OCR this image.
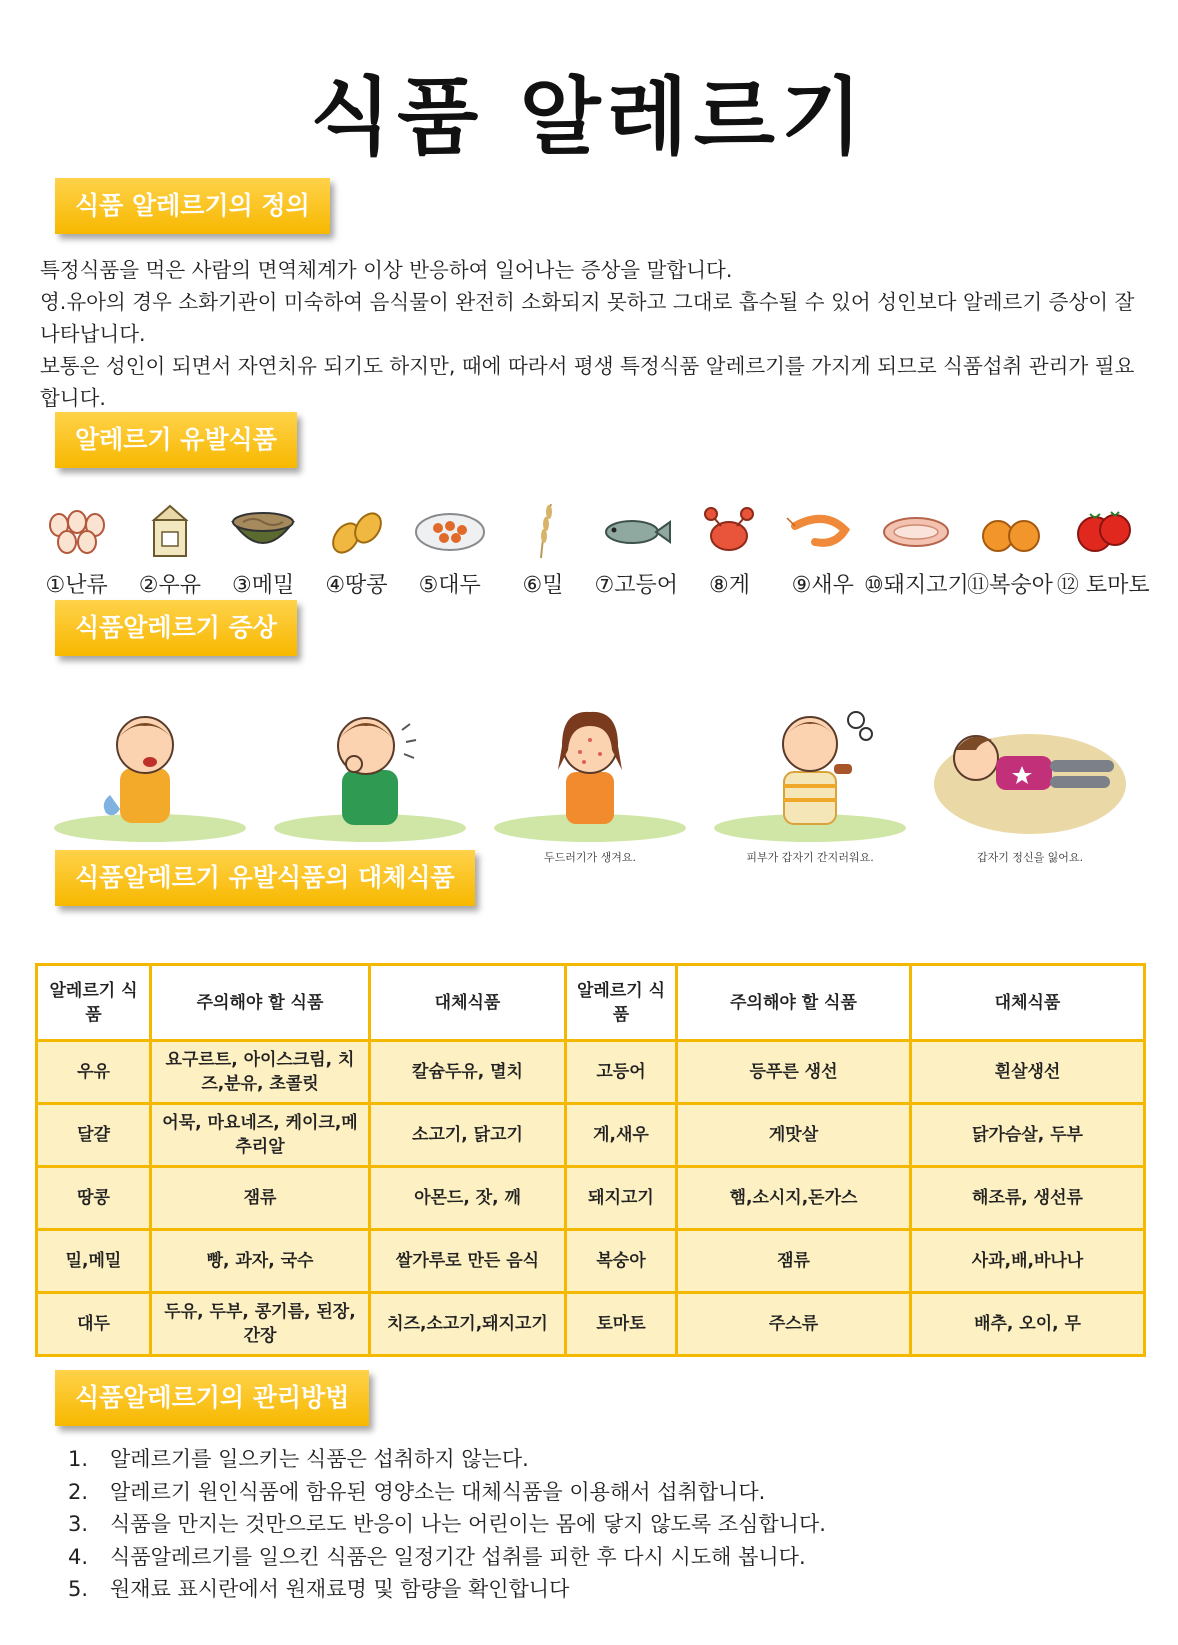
식품 알레르기
식품 알레르기의 정의

특정식품을 먹은 사람의 면역체계가 이상 반응하여 일어나는 증상을 말합니다.

영.유아의 경우 소화기관이 미숙하여 음식물이 완전히 소화되지 못하고 그대로 흡수될 수 있어 성인보다 알레르기 증상이 잘 나타납니다.

보통은 성인이 되면서 자연치유 되기도 하지만, 때에 따라서 평생 특정식품 알레르기를 가지게 되므로 식품섭취 관리가 필요합니다.

알레르기 유발식품
①난류 ②우유 ③메밀 ④땅콩 ⑤대두 ⑥밀 ⑦고등어 ⑧게 ⑨새우 ⑩돼지고기
⑪복숭아 ⑫ 토마토
식품알레르기 증상
두드러기가 생겨요.	피부가 갑자기 간지러워요.	갑자기 정신을 잃어요.
식품알레르기 유발식품의 대체식품
알레르기 식품	주의해야 할 식품	대체식품	알레르기 식품	주의해야 할 식품	대체식품
우유	요구르트, 아이스크림, 치즈,분유, 초콜릿	칼슘두유, 멸치	고등어	등푸른 생선	흰살생선
달걀	어묵, 마요네즈, 케이크,메추리알	소고기, 닭고기	게,새우	게맛살	닭가슴살, 두부
땅콩	잼류	아몬드, 잣, 깨	돼지고기	햄,소시지,돈가스	해조류, 생선류
밀,메밀	빵, 과자, 국수	쌀가루로 만든 음식	복숭아	잼류	사과,배,바나나
대두	두유, 두부, 콩기름, 된장, 간장	치즈,소고기,돼지고기	토마토	주스류	배추, 오이, 무
식품알레르기의 관리방법
1.	알레르기를 일으키는 식품은 섭취하지 않는다.
2.	알레르기 원인식품에 함유된 영양소는 대체식품을 이용해서 섭취합니다.
3.	식품을 만지는 것만으로도 반응이 나는 어린이는 몸에 닿지 않도록 조심합니다.
4.	식품알레르기를 일으킨 식품은 일정기간 섭취를 피한 후 다시 시도해 봅니다.
5.	원재료 표시란에서 원재료명 및 함량을 확인합니다
